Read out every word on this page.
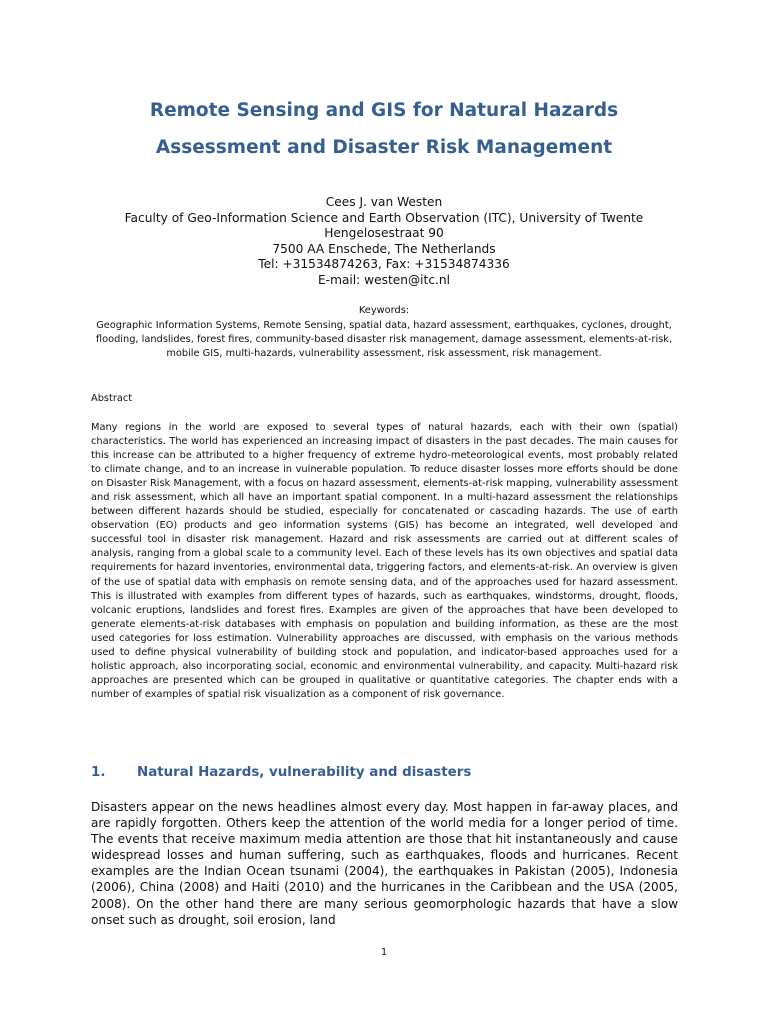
Remote Sensing and GIS for Natural Hazards
Assessment and Disaster Risk Management
Cees J. van Westen
Faculty of Geo-Information Science and Earth Observation (ITC), University of Twente
Hengelosestraat 90
7500 AA Enschede, The Netherlands
Tel: +31534874263, Fax: +31534874336
E-mail: westen@itc.nl
Keywords:
Geographic Information Systems, Remote Sensing, spatial data, hazard assessment, earthquakes, cyclones, drought, flooding, landslides, forest fires, community-based disaster risk management, damage assessment, elements-at-risk, mobile GIS, multi-hazards, vulnerability assessment, risk assessment, risk management.
Abstract
Many regions in the world are exposed to several types of natural hazards, each with their own (spatial) characteristics. The world has experienced an increasing impact of disasters in the past decades. The main causes for this increase can be attributed to a higher frequency of extreme hydro-meteorological events, most probably related to climate change, and to an increase in vulnerable population. To reduce disaster losses more efforts should be done on Disaster Risk Management, with a focus on hazard assessment, elements-at-risk mapping, vulnerability assessment and risk assessment, which all have an important spatial component. In a multi-hazard assessment the relationships between different hazards should be studied, especially for concatenated or cascading hazards. The use of earth observation (EO) products and geo information systems (GIS) has become an integrated, well developed and successful tool in disaster risk management. Hazard and risk assessments are carried out at different scales of analysis, ranging from a global scale to a community level. Each of these levels has its own objectives and spatial data requirements for hazard inventories, environmental data, triggering factors, and elements-at-risk. An overview is given of the use of spatial data with emphasis on remote sensing data, and of the approaches used for hazard assessment. This is illustrated with examples from different types of hazards, such as earthquakes, windstorms, drought, floods, volcanic eruptions, landslides and forest fires. Examples are given of the approaches that have been developed to generate elements-at-risk databases with emphasis on population and building information, as these are the most used categories for loss estimation. Vulnerability approaches are discussed, with emphasis on the various methods used to define physical vulnerability of building stock and population, and indicator-based approaches used for a holistic approach, also incorporating social, economic and environmental vulnerability, and capacity. Multi-hazard risk approaches are presented which can be grouped in qualitative or quantitative categories. The chapter ends with a number of examples of spatial risk visualization as a component of risk governance.
1. Natural Hazards, vulnerability and disasters
Disasters appear on the news headlines almost every day. Most happen in far-away places, and are rapidly forgotten. Others keep the attention of the world media for a longer period of time. The events that receive maximum media attention are those that hit instantaneously and cause widespread losses and human suffering, such as earthquakes, floods and hurricanes. Recent examples are the Indian Ocean tsunami (2004), the earthquakes in Pakistan (2005), Indonesia (2006), China (2008) and Haiti (2010) and the hurricanes in the Caribbean and the USA (2005, 2008). On the other hand there are many serious geomorphologic hazards that have a slow onset such as drought, soil erosion, land
1
